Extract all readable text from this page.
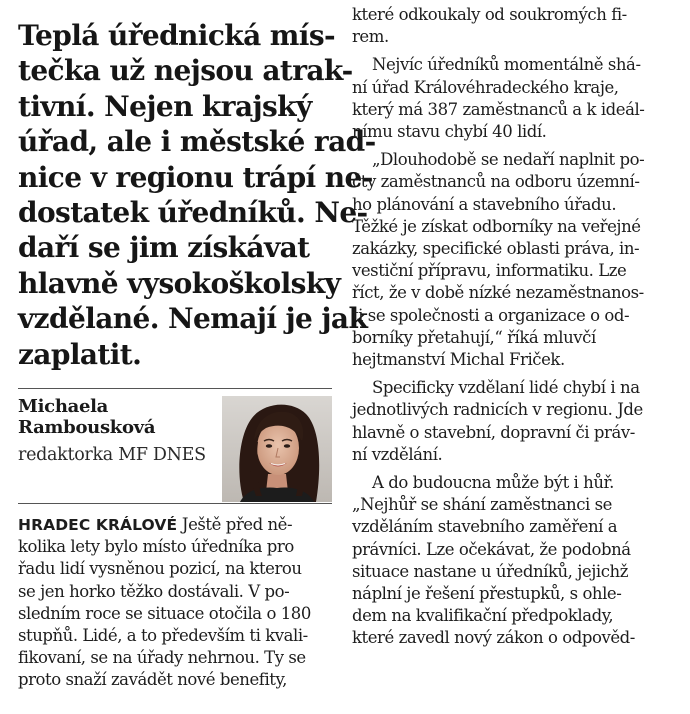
Teplá úřednická mís-
tečka už nejsou atrak-
tivní. Nejen krajský
úřad, ale i městské rad-
nice v regionu trápí ne-
dostatek úředníků. Ne-
daří se jim získávat
hlavně vysokoškolsky
vzdělané. Nemají je jak
zaplatit.

Michaela
Rambousková
redaktorka MF DNES

HRADEC KRÁLOVÉ Ještě před ně-
kolika lety bylo místo úředníka pro
řadu lidí vysněnou pozicí, na kterou
se jen horko těžko dostávali. V po-
sledním roce se situace otočila o 180
stupňů. Lidé, a to především ti kvali-
fikovaní, se na úřady nehrnou. Ty se
proto snaží zavádět nové benefity,

které odkoukaly od soukromých fi-
rem.

Nejvíc úředníků momentálně shá-
ní úřad Královéhradeckého kraje,
který má 387 zaměstnanců a k ideál-
nímu stavu chybí 40 lidí.

„Dlouhodobě se nedaří naplnit po-
čty zaměstnanců na odboru územní-
ho plánování a stavebního úřadu.
Těžké je získat odborníky na veřejné
zakázky, specifické oblasti práva, in-
vestiční přípravu, informatiku. Lze
říct, že v době nízké nezaměstnanos-
ti se společnosti a organizace o od-
borníky přetahují,“ říká mluvčí
hejtmanství Michal Friček.

Specificky vzdělaní lidé chybí i na
jednotlivých radnicích v regionu. Jde
hlavně o stavební, dopravní či práv-
ní vzdělání.

A do budoucna může být i hůř.
„Nejhůř se shání zaměstnanci se
vzděláním stavebního zaměření a
právníci. Lze očekávat, že podobná
situace nastane u úředníků, jejichž
náplní je řešení přestupků, s ohle-
dem na kvalifikační předpoklady,
které zavedl nový zákon o odpověd-
